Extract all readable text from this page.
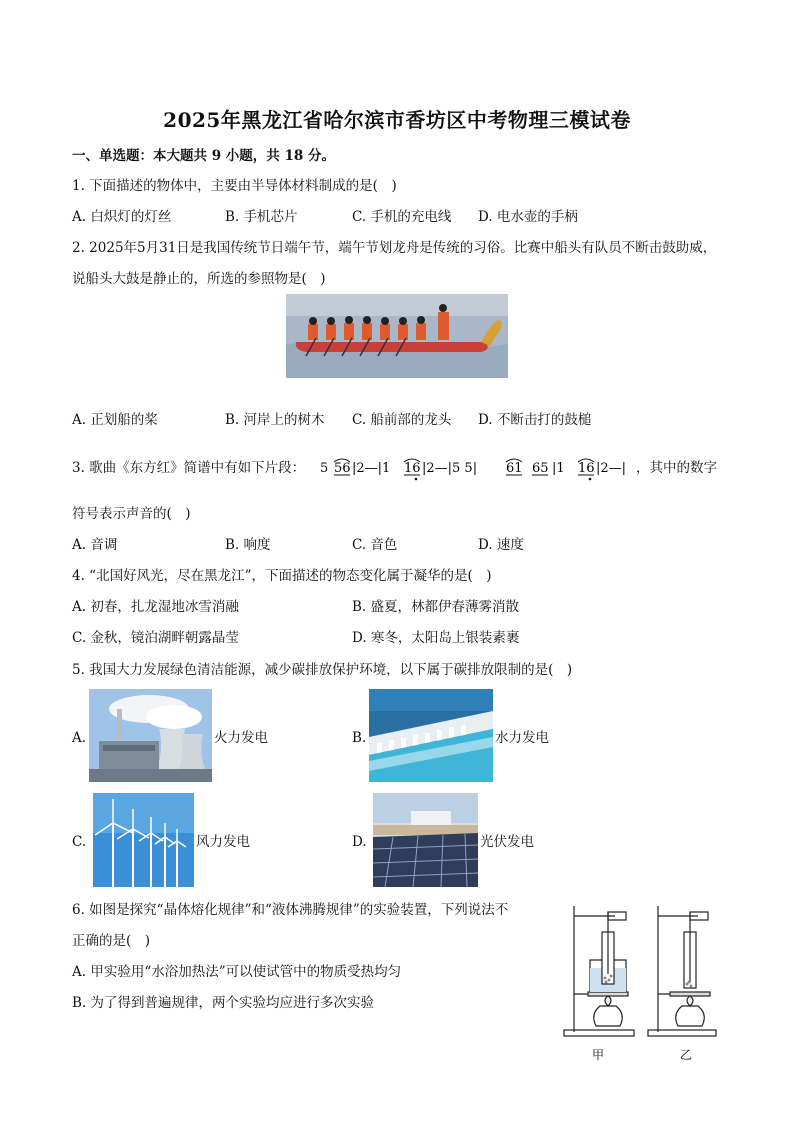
2025年黑龙江省哈尔滨市香坊区中考物理三模试卷
一、单选题：本大题共 9 小题，共 18 分。
1. 下面描述的物体中，主要由半导体材料制成的是(　)
A. 白炽灯的灯丝	B. 手机芯片	C. 手机的充电线 D. 电水壶的手柄
2. 2025年5月31日是我国传统节日端午节，端午节划龙舟是传统的习俗。比赛中船头有队员不断击鼓助威，
说船头大鼓是静止的，所选的参照物是(　)
A. 正划船的桨	B. 河岸上的树木 C. 船前部的龙头 D. 不断击打的鼓槌
3. 歌曲《东方红》简谱中有如下片段： 5 56 |2—|1 16 |2—|5 5| 61 65 |1 16 |2—| ，其中的数字
符号表示声音的(　)
A. 音调	B. 响度	C. 音色	D. 速度
4. “北国好风光，尽在黑龙江”，下面描述的物态变化属于凝华的是(　)
A. 初春，扎龙湿地冰雪消融	B. 盛夏，林都伊春薄雾消散
C. 金秋，镜泊湖畔朝露晶莹	D. 寒冬，太阳岛上银装素裹
5. 我国大力发展绿色清洁能源，减少碳排放保护环境，以下属于碳排放限制的是(　)
A.	火力发电	B.	水力发电
C.	风力发电	D.	光伏发电
6. 如图是探究“晶体熔化规律”和“液体沸腾规律”的实验装置，下列说法不
正确的是(　)
A. 甲实验用“水浴加热法”可以使试管中的物质受热均匀
B. 为了得到普遍规律，两个实验均应进行多次实验
甲	乙
